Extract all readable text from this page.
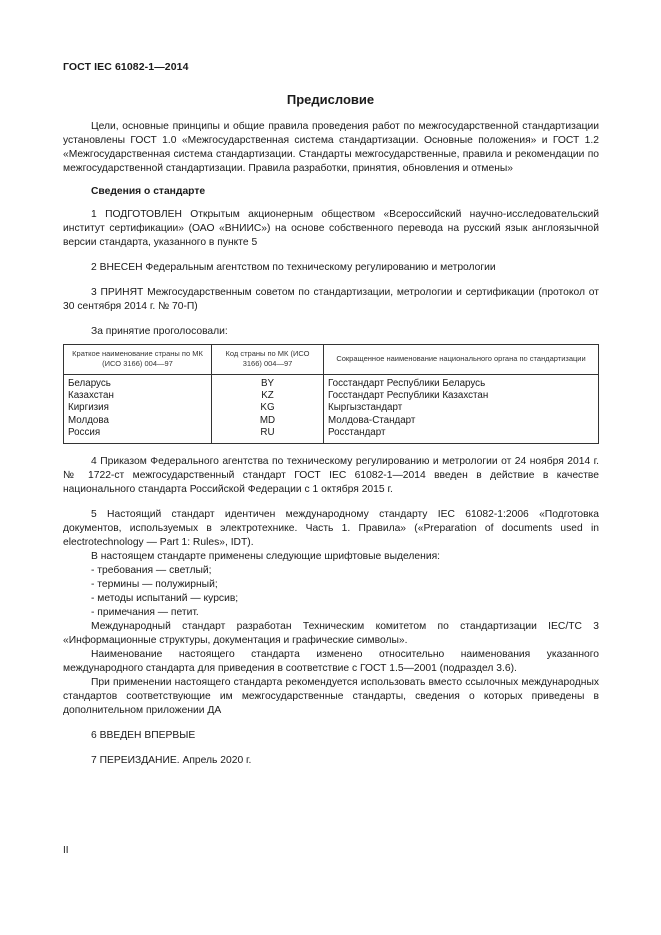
ГОСТ IEC 61082-1—2014
Предисловие

Цели, основные принципы и общие правила проведения работ по межгосударственной стандартизации установлены ГОСТ 1.0 «Межгосударственная система стандартизации. Основные положения» и ГОСТ 1.2 «Межгосударственная система стандартизации. Стандарты межгосударственные, правила и рекомендации по межгосударственной стандартизации. Правила разработки, принятия, обновления и отмены»

Сведения о стандарте

1 ПОДГОТОВЛЕН Открытым акционерным обществом «Всероссийский научно-исследовательский институт сертификации» (ОАО «ВНИИС») на основе собственного перевода на русский язык англоязычной версии стандарта, указанного в пункте 5

2 ВНЕСЕН Федеральным агентством по техническому регулированию и метрологии

3 ПРИНЯТ Межгосударственным советом по стандартизации, метрологии и сертификации (протокол от 30 сентября 2014 г. № 70-П)

За принятие проголосовали:

Краткое наименование страны по МК (ИСО 3166) 004—97	Код страны по МК (ИСО 3166) 004—97	Сокращенное наименование национального органа по стандартизации
Беларусь	BY	Госстандарт Республики Беларусь
Казахстан	KZ	Госстандарт Республики Казахстан
Киргизия	KG	Кыргызстандарт
Молдова	MD	Молдова-Стандарт
Россия	RU	Росстандарт

4 Приказом Федерального агентства по техническому регулированию и метрологии от 24 ноября 2014 г. № 1722-ст межгосударственный стандарт ГОСТ IEC 61082-1—2014 введен в действие в качестве национального стандарта Российской Федерации с 1 октября 2015 г.

5 Настоящий стандарт идентичен международному стандарту IEC 61082-1:2006 «Подготовка документов, используемых в электротехнике. Часть 1. Правила» («Preparation of documents used in electrotechnology — Part 1: Rules», IDT).

В настоящем стандарте применены следующие шрифтовые выделения:

- требования — светлый;

- термины — полужирный;

- методы испытаний — курсив;

- примечания — петит.

Международный стандарт разработан Техническим комитетом по стандартизации IEC/TC 3 «Информационные структуры, документация и графические символы».

Наименование настоящего стандарта изменено относительно наименования указанного международного стандарта для приведения в соответствие с ГОСТ 1.5—2001 (подраздел 3.6).

При применении настоящего стандарта рекомендуется использовать вместо ссылочных международных стандартов соответствующие им межгосударственные стандарты, сведения о которых приведены в дополнительном приложении ДА

6 ВВЕДЕН ВПЕРВЫЕ

7 ПЕРЕИЗДАНИЕ. Апрель 2020 г.

II
